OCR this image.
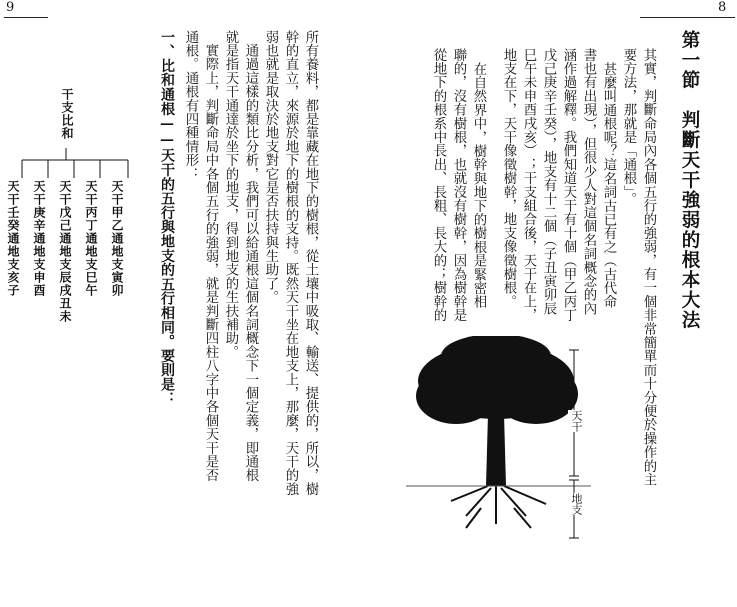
9	8
第一節　判斷天干強弱的根本大法
其實，判斷命局內各個五行的強弱，有一個非常簡單而十分便於操作的主
要方法，那就是「通根」。
甚麼叫通根呢？這名詞古已有之（古代命
書也有出現），但很少人對這個名詞概念的內
涵作過解釋。我們知道天干有十個（甲乙丙丁
戊己庚辛壬癸），地支有十二個（子丑寅卯辰
巳午未申酉戌亥）；干支組合後，天干在上，
地支在下，天干像徵樹幹，地支像徵樹根。
在自然界中，樹幹與地下的樹根是緊密相
聯的，沒有樹根，也就沒有樹幹，因為樹幹是
從地下的根系中長出、長粗、長大的；樹幹的
天干
地支
所有養料，都是靠藏在地下的樹根，從土壤中吸取、輸送、提供的，所以，樹
幹的直立，來源於地下的樹根的支持。既然天干坐在地支上，那麼，天干的強
弱也就是取決於地支對它是否扶持與生助了。
　通過這樣的類比分析，我們可以給通根這個名詞概念下一個定義，即通根
就是指天干通達於坐下的地支，得到地支的生扶補助。
　實際上，判斷命局中各個五行的強弱，就是判斷四柱八字中各個天干是否
通根。通根有四種情形：
一、比和通根——天干的五行與地支的五行相同。要則是：
干支比和
天干甲乙通地支寅卯
天干丙丁通地支巳午
天干戊己通地支辰戌丑未
天干庚辛通地支申酉
天干壬癸通地支亥子
